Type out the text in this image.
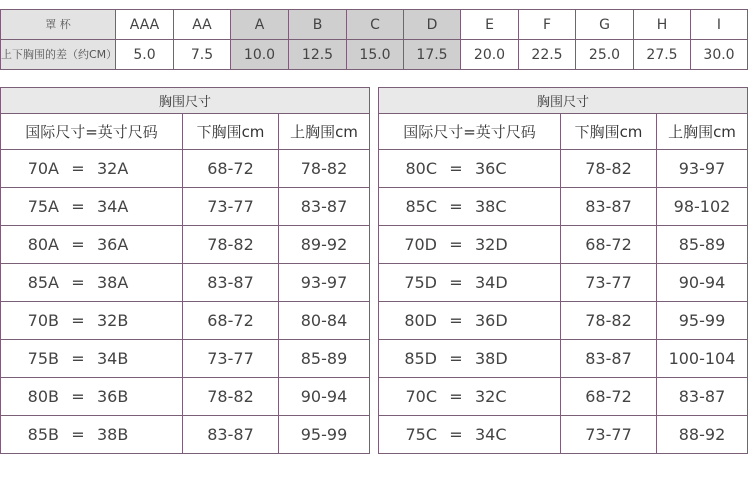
罩 杯	AAA	AA	A	B	C	D	E	F	G	H	I
上下胸围的差（约CM）	5.0	7.5	10.0	12.5	15.0	17.5	20.0	22.5	25.0	27.5	30.0
胸围尺寸		
国际尺寸=英寸尺码	下胸围cm	上胸围cm
70A = 32A	68-72	78-82
75A = 34A	73-77	83-87
80A = 36A	78-82	89-92
85A = 38A	83-87	93-97
70B = 32B	68-72	80-84
75B = 34B	73-77	85-89
80B = 36B	78-82	90-94
85B = 38B	83-87	95-99
胸围尺寸		
国际尺寸=英寸尺码	下胸围cm	上胸围cm
80C = 36C	78-82	93-97
85C = 38C	83-87	98-102
70D = 32D	68-72	85-89
75D = 34D	73-77	90-94
80D = 36D	78-82	95-99
85D = 38D	83-87	100-104
70C = 32C	68-72	83-87
75C = 34C	73-77	88-92
